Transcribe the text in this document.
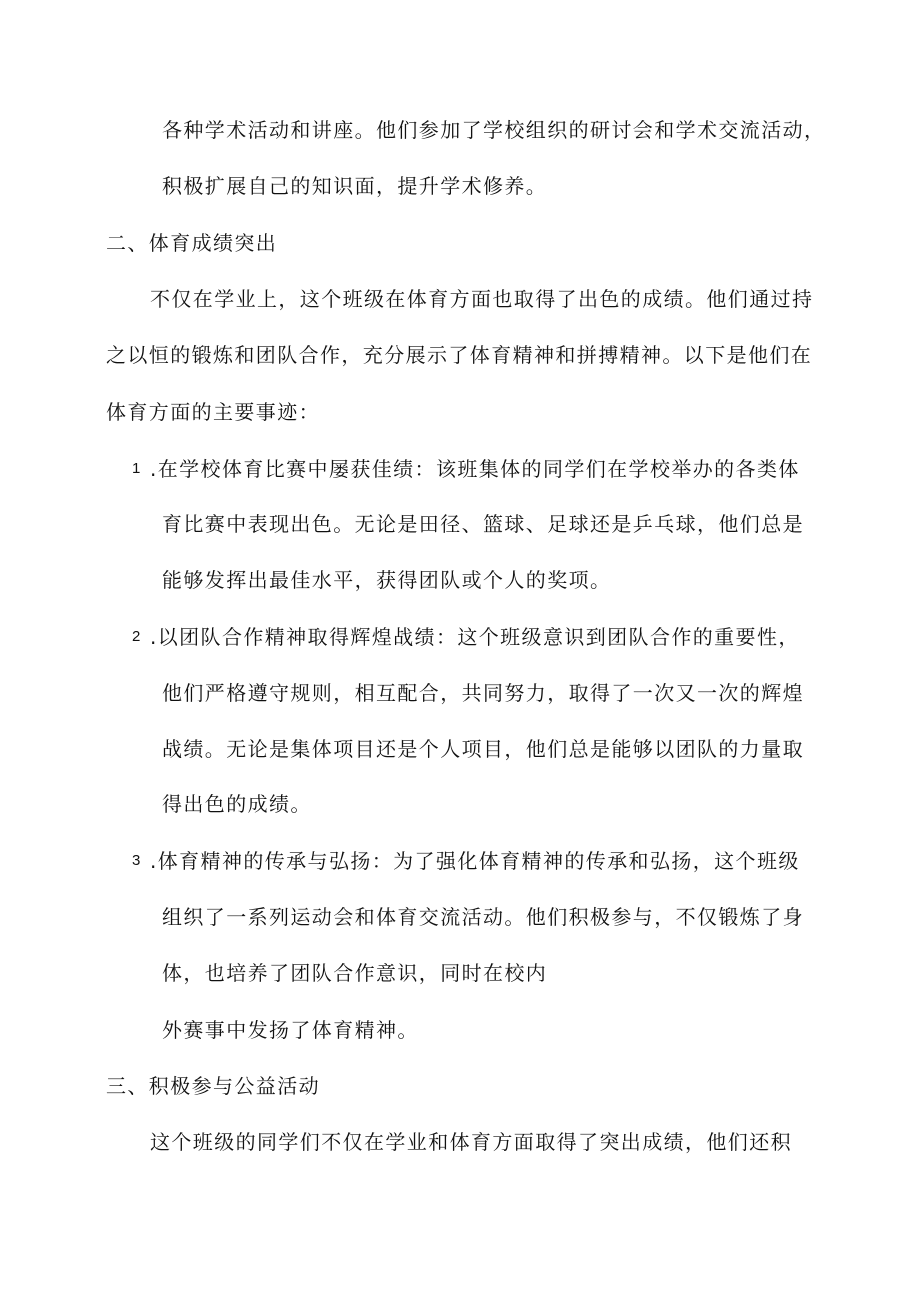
各种学术活动和讲座。他们参加了学校组织的研讨会和学术交流活动，
积极扩展自己的知识面，提升学术修养。
二、体育成绩突出
不仅在学业上，这个班级在体育方面也取得了出色的成绩。他们通过持
之以恒的锻炼和团队合作，充分展示了体育精神和拼搏精神。以下是他们在
体育方面的主要事迹：
1 .在学校体育比赛中屡获佳绩：该班集体的同学们在学校举办的各类体
育比赛中表现出色。无论是田径、篮球、足球还是乒乓球，他们总是
能够发挥出最佳水平，获得团队或个人的奖项。
2 .以团队合作精神取得辉煌战绩：这个班级意识到团队合作的重要性，
他们严格遵守规则，相互配合，共同努力，取得了一次又一次的辉煌
战绩。无论是集体项目还是个人项目，他们总是能够以团队的力量取
得出色的成绩。
3 .体育精神的传承与弘扬：为了强化体育精神的传承和弘扬，这个班级
组织了一系列运动会和体育交流活动。他们积极参与，不仅锻炼了身
体，也培养了团队合作意识，同时在校内
外赛事中发扬了体育精神。
三、积极参与公益活动
这个班级的同学们不仅在学业和体育方面取得了突出成绩，他们还积
